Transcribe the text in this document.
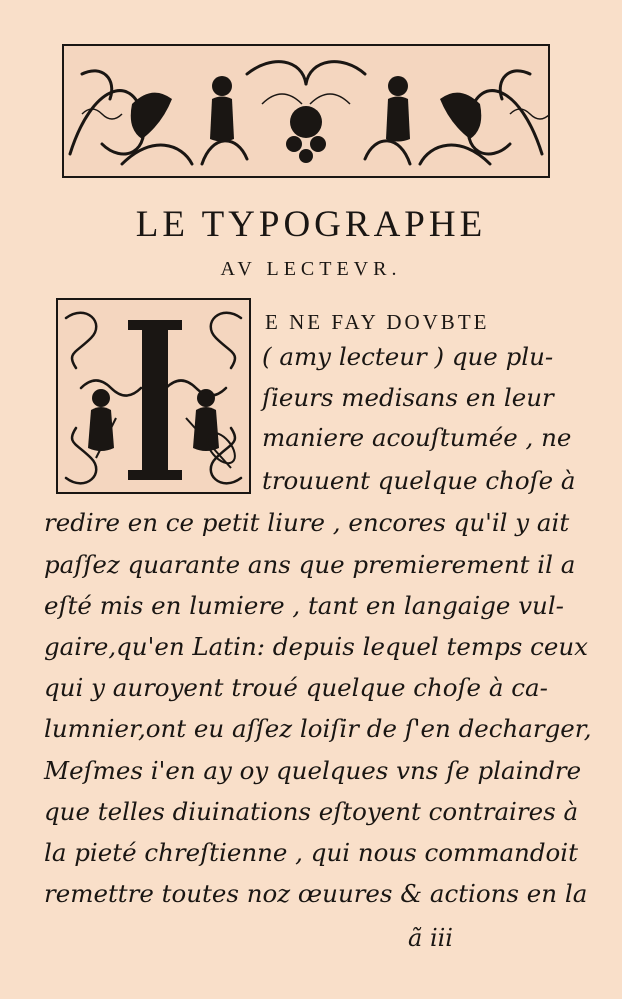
LE TYPOGRAPHE
AV LECTEVR.
E NE FAY DOVBTE
( amy lecteur ) que plu-
ſieurs medisans en leur
maniere acouſtumée , ne
trouuent quelque choſe à
redire en ce petit liure , encores qu'il y ait
paſſez quarante ans que premierement il a
eſté mis en lumiere , tant en langaige vul-
gaire,qu'en Latin: depuis lequel temps ceux
qui y auroyent troué quelque choſe à ca-
lumnier,ont eu aſſez loiſir de ſ'en decharger,
Meſmes i'en ay oy quelques vns ſe plaindre
que telles diuinations eſtoyent contraires à
la pieté chreſtienne , qui nous commandoit
remettre toutes noz œuures & actions en la
ã iii
